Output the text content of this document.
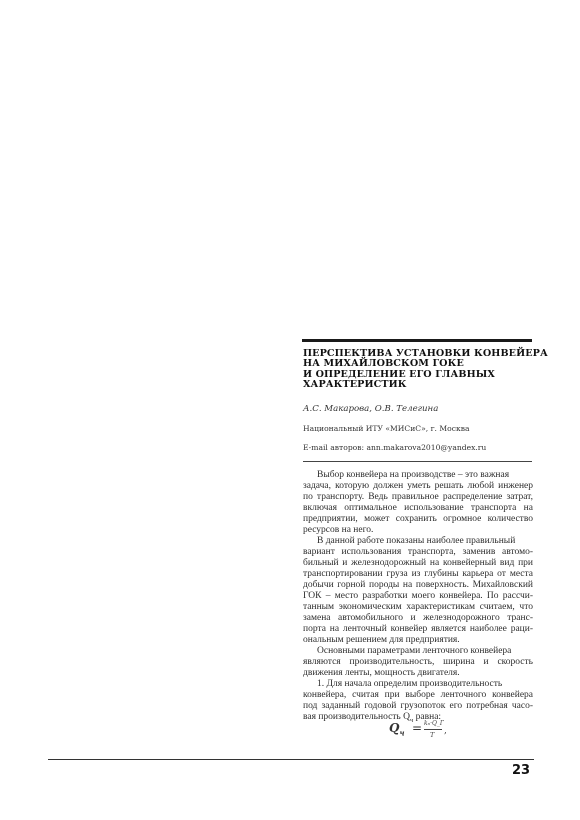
ПЕРСПЕКТИВА УСТАНОВКИ КОНВЕЙЕРА
НА МИХАЙЛОВСКОМ ГОКЕ
И ОПРЕДЕЛЕНИЕ ЕГО ГЛАВНЫХ
ХАРАКТЕРИСТИК
А.С. Макарова, О.В. Телегина
Национальный ИТУ «МИСиС», г. Москва
E-mail авторов: ann.makarova2010@yandex.ru
Выбор конвейера на производстве – это важная
задача, которую должен уметь решать любой инженер
по транспорту. Ведь правильное распределение затрат,
включая оптимальное использование транспорта на
предприятии, может сохранить огромное количество
ресурсов на него.
В данной работе показаны наиболее правильный
вариант использования транспорта, заменив автомо-
бильный и железнодорожный на конвейерный вид при
транспортировании груза из глубины карьера от места
добычи горной породы на поверхность. Михайловский
ГОК – место разработки моего конвейера. По рассчи-
танным экономическим характеристикам считаем, что
замена автомобильного и железнодорожного транс-
порта на ленточный конвейер является наиболее раци-
ональным решением для предприятия.
Основными параметрами ленточного конвейера
являются производительность, ширина и скорость
движения ленты, мощность двигателя.
1. Для начала определим производительность
конвейера, считая при выборе ленточного конвейера
под заданный годовой грузопоток его потребная часо-
вая производительность $Q_ч$ равна:
$Q_ч$ = kₙ·Q_Г
T ,
23
